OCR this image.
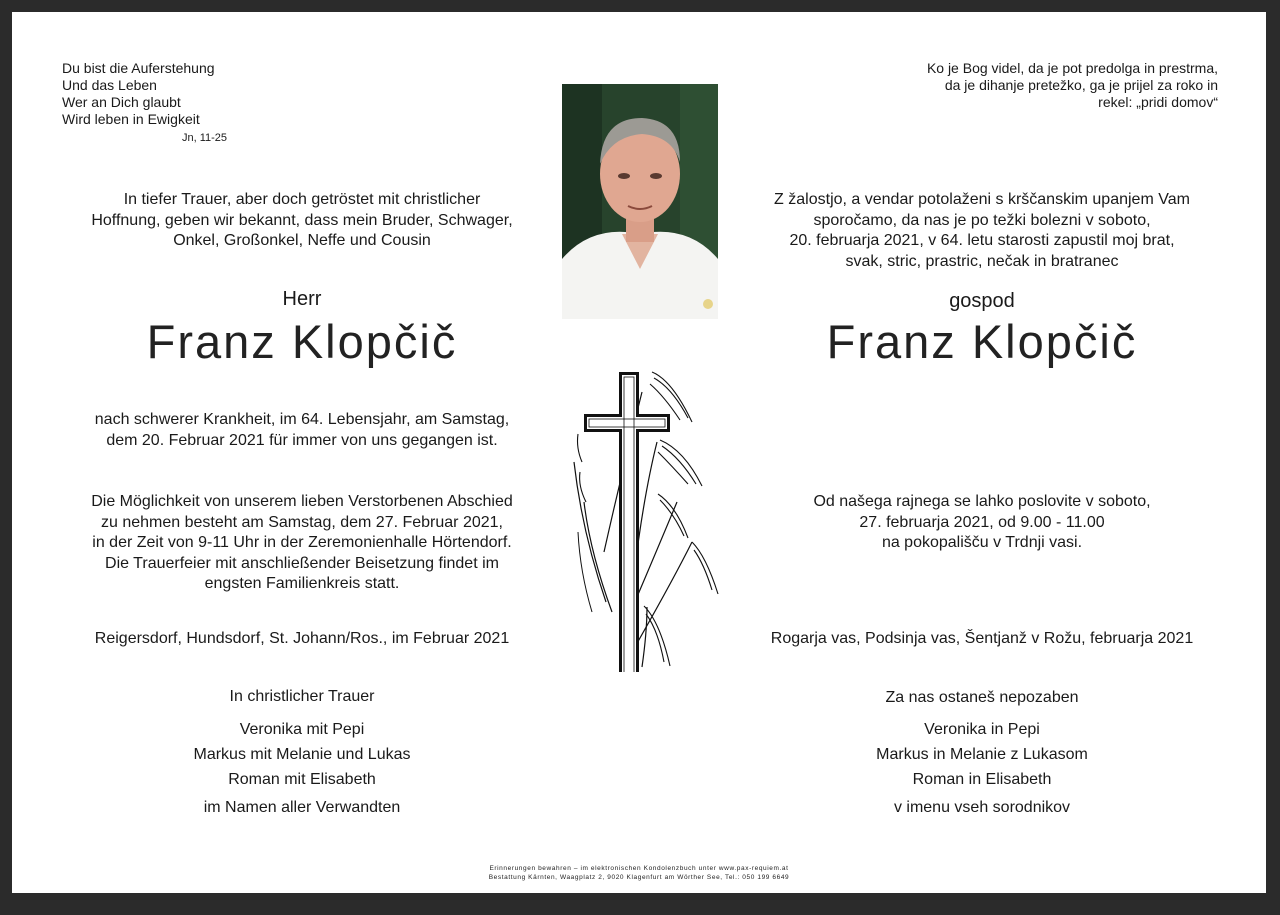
Du bist die Auferstehung
Und das Leben
Wer an Dich glaubt
Wird leben in Ewigkeit
Jn, 11-25
Ko je Bog videl, da je pot predolga in prestrma,
da je dihanje pretežko, ga je prijel za roko in
rekel: „pridi domov“
In tiefer Trauer, aber doch getröstet mit christlicher
Hoffnung, geben wir bekannt, dass mein Bruder, Schwager,
Onkel, Großonkel, Neffe und Cousin
Herr
Franz Klopčič
nach schwerer Krankheit, im 64. Lebensjahr, am Samstag,
dem 20. Februar 2021 für immer von uns gegangen ist.
Die Möglichkeit von unserem lieben Verstorbenen Abschied
zu nehmen besteht am Samstag, dem 27. Februar 2021,
in der Zeit von 9-11 Uhr in der Zeremonienhalle Hörtendorf.
Die Trauerfeier mit anschließender Beisetzung findet im
engsten Familienkreis statt.
Reigersdorf, Hundsdorf, St. Johann/Ros., im Februar 2021
In christlicher Trauer
Veronika mit Pepi
Markus mit Melanie und Lukas
Roman mit Elisabeth
im Namen aller Verwandten
Z žalostjo, a vendar potolaženi s krščanskim upanjem Vam
sporočamo, da nas je po težki bolezni v soboto,
20. februarja 2021, v 64. letu starosti zapustil moj brat,
svak, stric, prastric, nečak in bratranec
gospod
Franz Klopčič
Od našega rajnega se lahko poslovite v soboto,
27. februarja 2021, od 9.00 - 11.00
na pokopališču v Trdnji vasi.
Rogarja vas, Podsinja vas, Šentjanž v Rožu, februarja 2021
Za nas ostaneš nepozaben
Veronika in Pepi
Markus in Melanie z Lukasom
Roman in Elisabeth
v imenu vseh sorodnikov
Erinnerungen bewahren – im elektronischen Kondolenzbuch unter www.pax-requiem.at
Bestattung Kärnten, Waagplatz 2, 9020 Klagenfurt am Wörther See, Tel.: 050 199 6649
